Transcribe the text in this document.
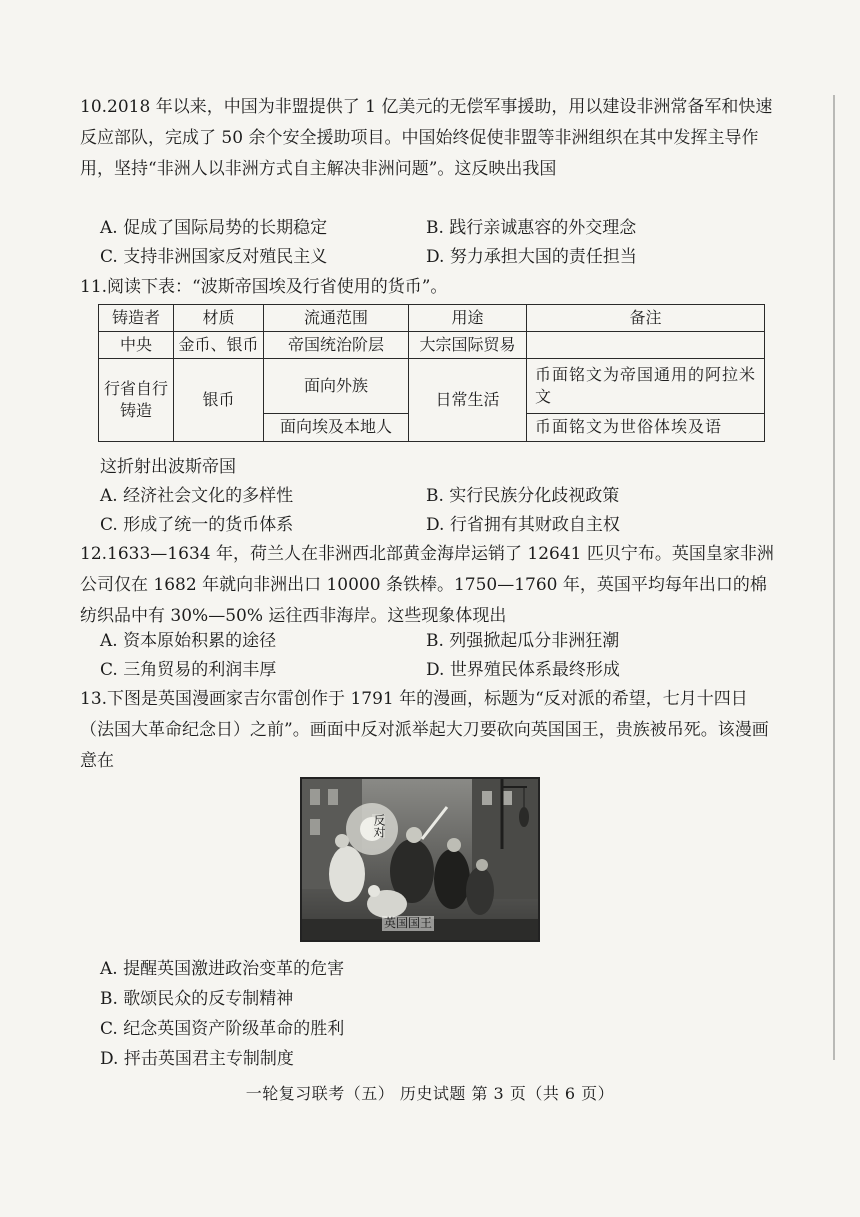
10.2018 年以来，中国为非盟提供了 1 亿美元的无偿军事援助，用以建设非洲常备军和快速反应部队，完成了 50 余个安全援助项目。中国始终促使非盟等非洲组织在其中发挥主导作用，坚持“非洲人以非洲方式自主解决非洲问题”。这反映出我国
A. 促成了国际局势的长期稳定	B. 践行亲诚惠容的外交理念
C. 支持非洲国家反对殖民主义	D. 努力承担大国的责任担当
11.阅读下表：“波斯帝国埃及行省使用的货币”。
铸造者	材质	流通范围	用途	备注
中央	金币、银币	帝国统治阶层	大宗国际贸易	
行省自行铸造	银币	面向外族	日常生活	币面铭文为帝国通用的阿拉米文
		面向埃及本地人		币面铭文为世俗体埃及语
这折射出波斯帝国
A. 经济社会文化的多样性	B. 实行民族分化歧视政策
C. 形成了统一的货币体系	D. 行省拥有其财政自主权
12.1633—1634 年，荷兰人在非洲西北部黄金海岸运销了 12641 匹贝宁布。英国皇家非洲公司仅在 1682 年就向非洲出口 10000 条铁棒。1750—1760 年，英国平均每年出口的棉纺织品中有 30%—50% 运往西非海岸。这些现象体现出
A. 资本原始积累的途径	B. 列强掀起瓜分非洲狂潮
C. 三角贸易的利润丰厚	D. 世界殖民体系最终形成
13.下图是英国漫画家吉尔雷创作于 1791 年的漫画，标题为“反对派的希望，七月十四日（法国大革命纪念日）之前”。画面中反对派举起大刀要砍向英国国王，贵族被吊死。该漫画意在
反对
英国国王
A. 提醒英国激进政治变革的危害
B. 歌颂民众的反专制精神
C. 纪念英国资产阶级革命的胜利
D. 抨击英国君主专制制度
一轮复习联考（五） 历史试题 第 3 页（共 6 页）
